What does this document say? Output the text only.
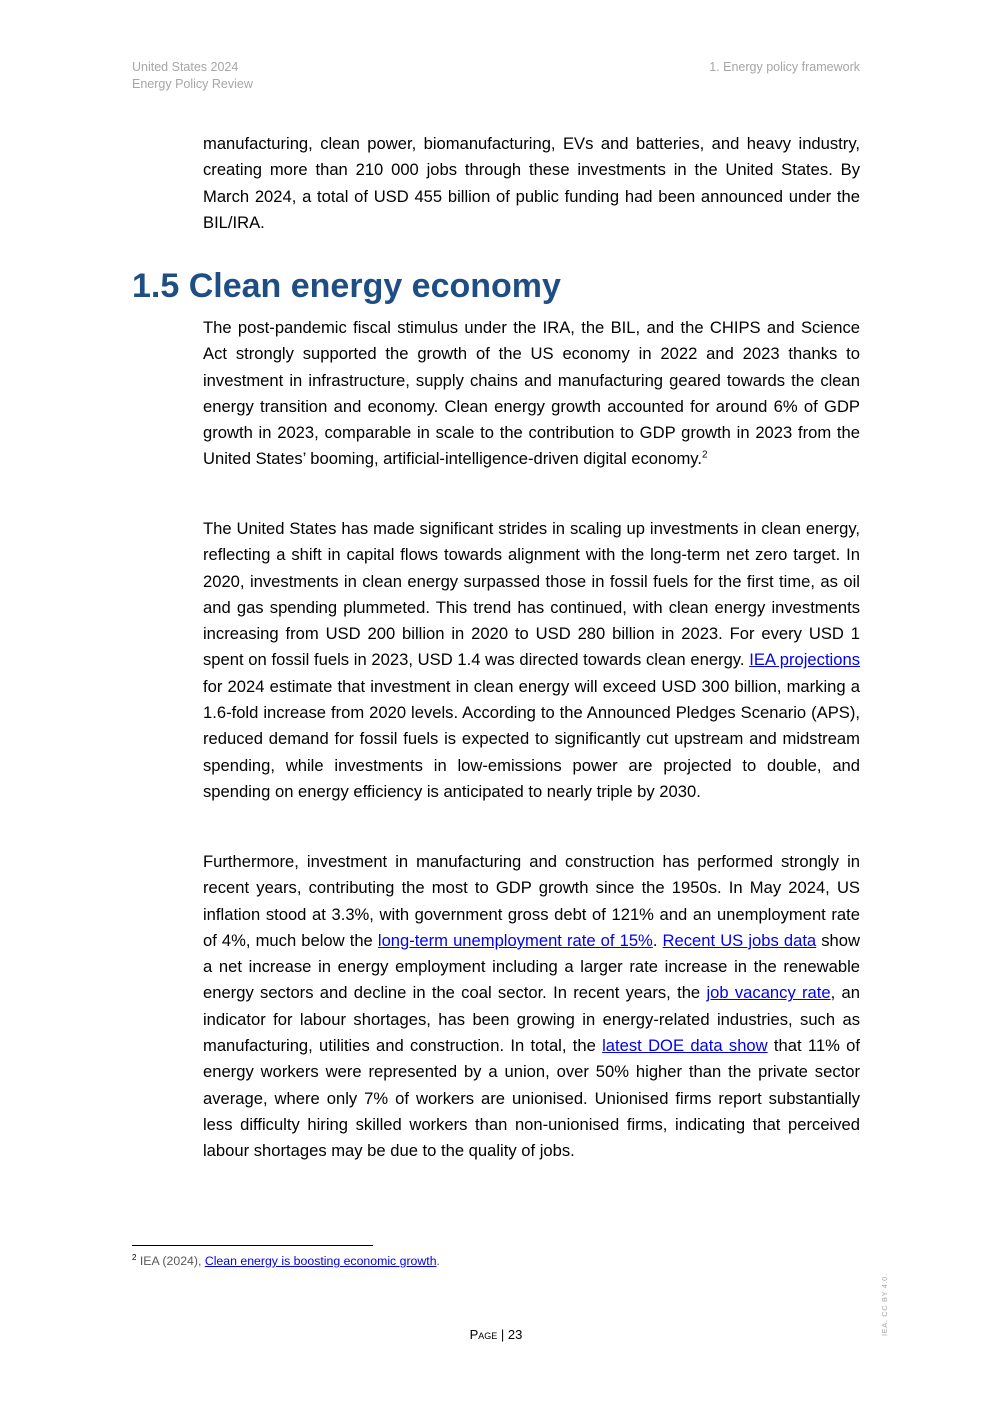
United States 2024
Energy Policy Review
1. Energy policy framework

manufacturing, clean power, biomanufacturing, EVs and batteries, and heavy industry, creating more than 210 000 jobs through these investments in the United States. By March 2024, a total of USD 455 billion of public funding had been announced under the BIL/IRA.

1.5 Clean energy economy

The post-pandemic fiscal stimulus under the IRA, the BIL, and the CHIPS and Science Act strongly supported the growth of the US economy in 2022 and 2023 thanks to investment in infrastructure, supply chains and manufacturing geared towards the clean energy transition and economy. Clean energy growth accounted for around 6% of GDP growth in 2023, comparable in scale to the contribution to GDP growth in 2023 from the United States’ booming, artificial-intelligence-driven digital economy.$^2$

The United States has made significant strides in scaling up investments in clean energy, reflecting a shift in capital flows towards alignment with the long-term net zero target. In 2020, investments in clean energy surpassed those in fossil fuels for the first time, as oil and gas spending plummeted. This trend has continued, with clean energy investments increasing from USD 200 billion in 2020 to USD 280 billion in 2023. For every USD 1 spent on fossil fuels in 2023, USD 1.4 was directed towards clean energy. IEA projections for 2024 estimate that investment in clean energy will exceed USD 300 billion, marking a 1.6-fold increase from 2020 levels. According to the Announced Pledges Scenario (APS), reduced demand for fossil fuels is expected to significantly cut upstream and midstream spending, while investments in low-emissions power are projected to double, and spending on energy efficiency is anticipated to nearly triple by 2030.

Furthermore, investment in manufacturing and construction has performed strongly in recent years, contributing the most to GDP growth since the 1950s. In May 2024, US inflation stood at 3.3%, with government gross debt of 121% and an unemployment rate of 4%, much below the long-term unemployment rate of 15%. Recent US jobs data show a net increase in energy employment including a larger rate increase in the renewable energy sectors and decline in the coal sector. In recent years, the job vacancy rate, an indicator for labour shortages, has been growing in energy-related industries, such as manufacturing, utilities and construction. In total, the latest DOE data show that 11% of energy workers were represented by a union, over 50% higher than the private sector average, where only 7% of workers are unionised. Unionised firms report substantially less difficulty hiring skilled workers than non-unionised firms, indicating that perceived labour shortages may be due to the quality of jobs.

$^2$ IEA (2024), Clean energy is boosting economic growth.
Page | 23	IEA. CC BY 4.0.
